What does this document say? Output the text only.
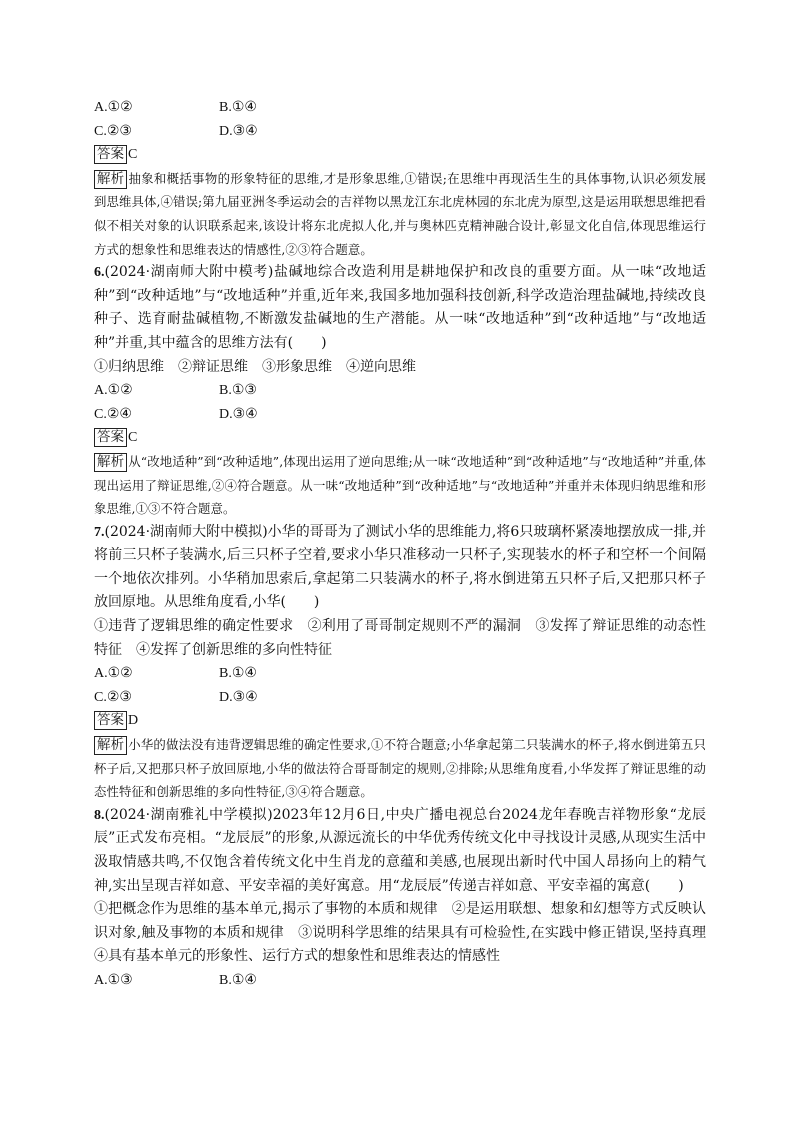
A.①②	B.①④
C.②③	D.③④
答案 C
解析 抽象和概括事物的形象特征的思维,才是形象思维,①错误;在思维中再现活生生的具体事物,认识必须发展到思维具体,④错误;第九届亚洲冬季运动会的吉祥物以黑龙江东北虎林园的东北虎为原型,这是运用联想思维把看似不相关对象的认识联系起来,该设计将东北虎拟人化,并与奥林匹克精神融合设计,彰显文化自信,体现思维运行方式的想象性和思维表达的情感性,②③符合题意。
6.(2024·湖南师大附中模考)盐碱地综合改造利用是耕地保护和改良的重要方面。从一味“改地适种”到“改种适地”与“改地适种”并重,近年来,我国多地加强科技创新,科学改造治理盐碱地,持续改良种子、选育耐盐碱植物,不断激发盐碱地的生产潜能。从一味“改地适种”到“改种适地”与“改地适种”并重,其中蕴含的思维方法有(　　)
①归纳思维　②辩证思维　③形象思维　④逆向思维
A.①②	B.①③
C.②④	D.③④
答案 C
解析 从“改地适种”到“改种适地”,体现出运用了逆向思维;从一味“改地适种”到“改种适地”与“改地适种”并重,体现出运用了辩证思维,②④符合题意。从一味“改地适种”到“改种适地”与“改地适种”并重并未体现归纳思维和形象思维,①③不符合题意。
7.(2024·湖南师大附中模拟)小华的哥哥为了测试小华的思维能力,将6只玻璃杯紧凑地摆放成一排,并将前三只杯子装满水,后三只杯子空着,要求小华只准移动一只杯子,实现装水的杯子和空杯一个间隔一个地依次排列。小华稍加思索后,拿起第二只装满水的杯子,将水倒进第五只杯子后,又把那只杯子放回原地。从思维角度看,小华(　　)
①违背了逻辑思维的确定性要求　②利用了哥哥制定规则不严的漏洞　③发挥了辩证思维的动态性特征　④发挥了创新思维的多向性特征
A.①②	B.①④
C.②③	D.③④
答案 D
解析 小华的做法没有违背逻辑思维的确定性要求,①不符合题意;小华拿起第二只装满水的杯子,将水倒进第五只杯子后,又把那只杯子放回原地,小华的做法符合哥哥制定的规则,②排除;从思维角度看,小华发挥了辩证思维的动态性特征和创新思维的多向性特征,③④符合题意。
8.(2024·湖南雅礼中学模拟)2023年12月6日,中央广播电视总台2024龙年春晚吉祥物形象“龙辰辰”正式发布亮相。“龙辰辰”的形象,从源远流长的中华优秀传统文化中寻找设计灵感,从现实生活中汲取情感共鸣,不仅饱含着传统文化中生肖龙的意蕴和美感,也展现出新时代中国人昂扬向上的精气神,实出呈现吉祥如意、平安幸福的美好寓意。用“龙辰辰”传递吉祥如意、平安幸福的寓意(　　)
①把概念作为思维的基本单元,揭示了事物的本质和规律　②是运用联想、想象和幻想等方式反映认识对象,触及事物的本质和规律　③说明科学思维的结果具有可检验性,在实践中修正错误,坚持真理　④具有基本单元的形象性、运行方式的想象性和思维表达的情感性
A.①③	B.①④
